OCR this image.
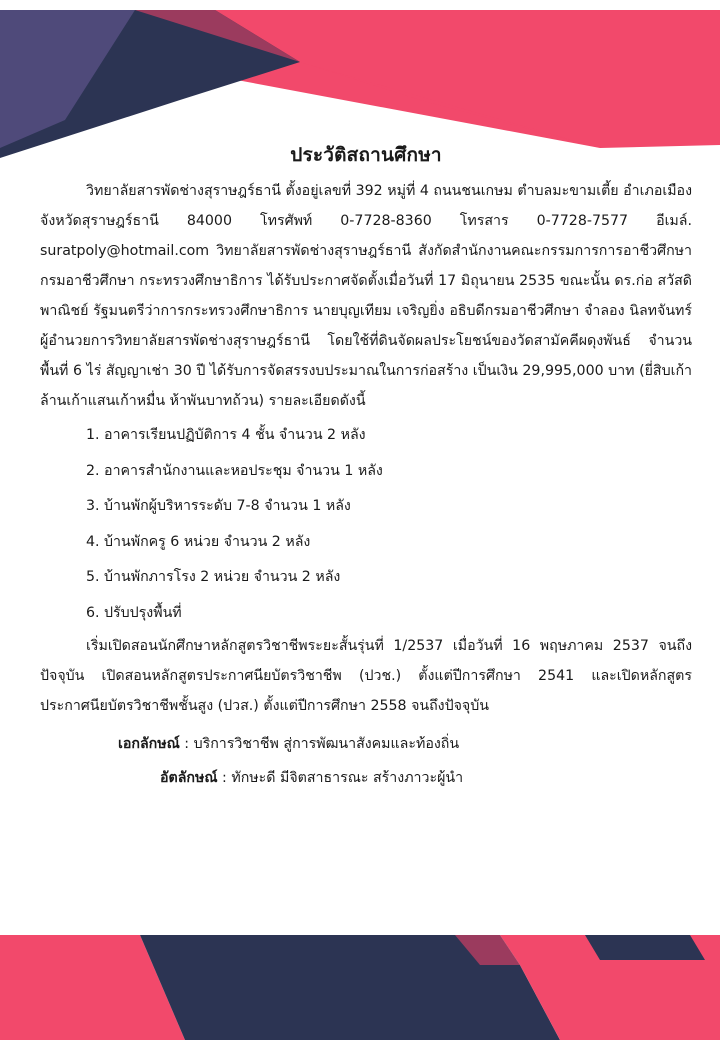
ประวัติสถานศึกษา

วิทยาลัยสารพัดช่างสุราษฎร์ธานี ตั้งอยู่เลขที่ 392 หมู่ที่ 4 ถนนชนเกษม ตำบลมะขามเตี้ย อำเภอเมือง จังหวัดสุราษฎร์ธานี 84000 โทรศัพท์ 0-7728-8360 โทรสาร 0-7728-7577 อีเมล์. suratpoly@hotmail.com วิทยาลัยสารพัดช่างสุราษฎร์ธานี สังกัดสำนักงานคณะกรรมการการอาชีวศึกษา กรมอาชีวศึกษา กระทรวงศึกษาธิการ ได้รับประกาศจัดตั้งเมื่อวันที่ 17 มิถุนายน 2535 ขณะนั้น ดร.ก่อ สวัสดิพาณิชย์ รัฐมนตรีว่าการกระทรวงศึกษาธิการ นายบุญเทียม เจริญยิ่ง อธิบดีกรมอาชีวศึกษา จำลอง นิลทจันทร์ ผู้อำนวยการวิทยาลัยสารพัดช่างสุราษฎร์ธานี โดยใช้ที่ดินจัดผลประโยชน์ของวัดสามัคคีผดุงพันธ์ จำนวนพื้นที่ 6 ไร่ สัญญาเช่า 30 ปี ได้รับการจัดสรรงบประมาณในการก่อสร้าง เป็นเงิน 29,995,000 บาท (ยี่สิบเก้าล้านเก้าแสนเก้าหมื่น ห้าพันบาทถ้วน) รายละเอียดดังนี้

1. อาคารเรียนปฏิบัติการ 4 ชั้น จำนวน 2 หลัง
2. อาคารสำนักงานและหอประชุม จำนวน 1 หลัง
3. บ้านพักผู้บริหารระดับ 7-8 จำนวน 1 หลัง
4. บ้านพักครู 6 หน่วย จำนวน 2 หลัง
5. บ้านพักภารโรง 2 หน่วย จำนวน 2 หลัง
6. ปรับปรุงพื้นที่

เริ่มเปิดสอนนักศึกษาหลักสูตรวิชาชีพระยะสั้นรุ่นที่ 1/2537 เมื่อวันที่ 16 พฤษภาคม 2537 จนถึงปัจจุบัน เปิดสอนหลักสูตรประกาศนียบัตรวิชาชีพ (ปวช.) ตั้งแต่ปีการศึกษา 2541 และเปิดหลักสูตรประกาศนียบัตรวิชาชีพชั้นสูง (ปวส.) ตั้งแต่ปีการศึกษา 2558 จนถึงปัจจุบัน

เอกลักษณ์ : บริการวิชาชีพ สู่การพัฒนาสังคมและท้องถิ่น

อัตลักษณ์ : ทักษะดี มีจิตสาธารณะ สร้างภาวะผู้นำ
